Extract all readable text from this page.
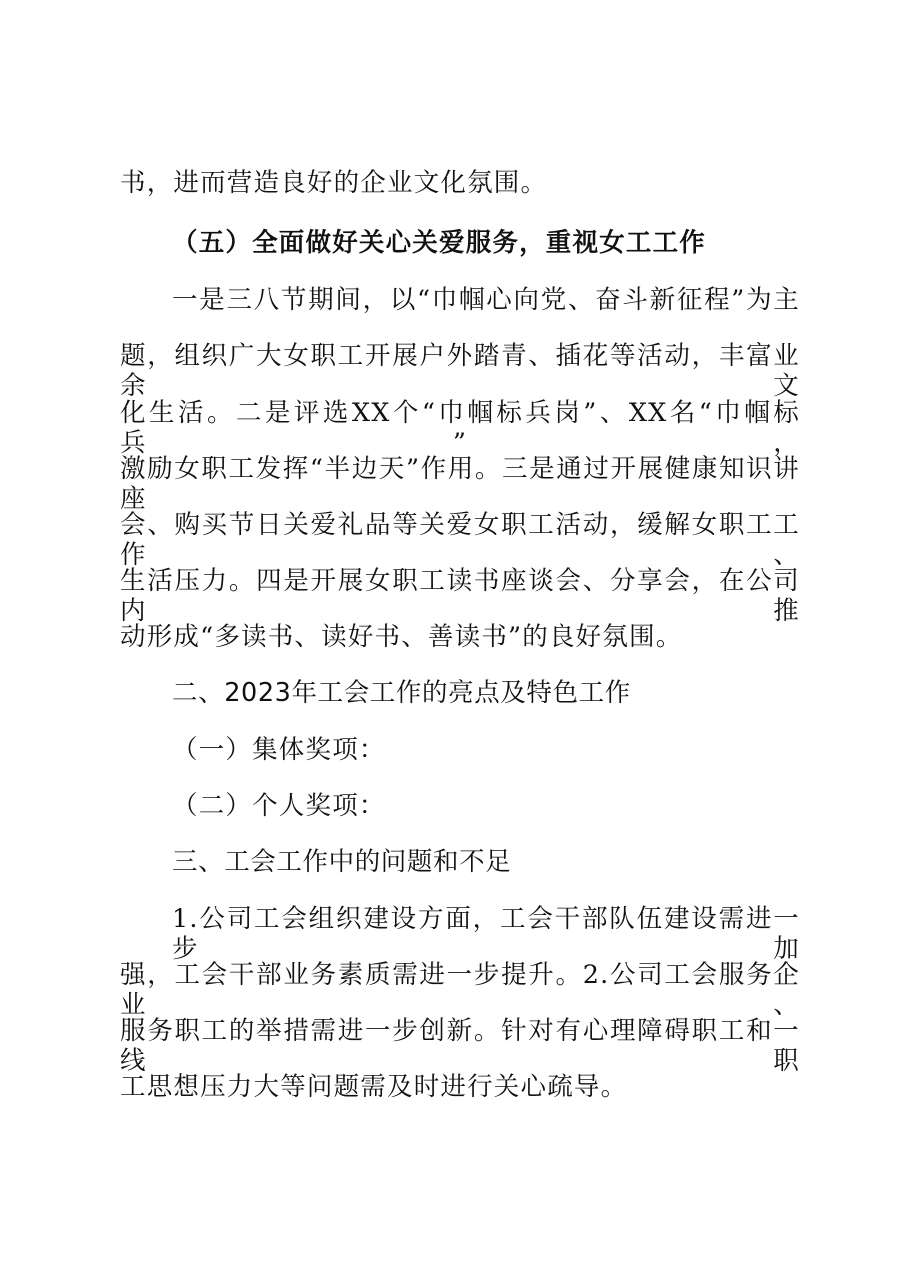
书，进而营造良好的企业文化氛围。
（五）全面做好关心关爱服务，重视女工工作
一是三八节期间，以“巾帼心向党、奋斗新征程”为主
题，组织广大女职工开展户外踏青、插花等活动，丰富业余文
化生活。二是评选XX个“巾帼标兵岗”、XX名“巾帼标兵”，
激励女职工发挥“半边天”作用。三是通过开展健康知识讲座
会、购买节日关爱礼品等关爱女职工活动，缓解女职工工作、
生活压力。四是开展女职工读书座谈会、分享会，在公司内推
动形成“多读书、读好书、善读书”的良好氛围。
二、2023年工会工作的亮点及特色工作
（一）集体奖项：
（二）个人奖项：
三、工会工作中的问题和不足
1.公司工会组织建设方面，工会干部队伍建设需进一步加
强，工会干部业务素质需进一步提升。2.公司工会服务企业、
服务职工的举措需进一步创新。针对有心理障碍职工和一线职
工思想压力大等问题需及时进行关心疏导。
